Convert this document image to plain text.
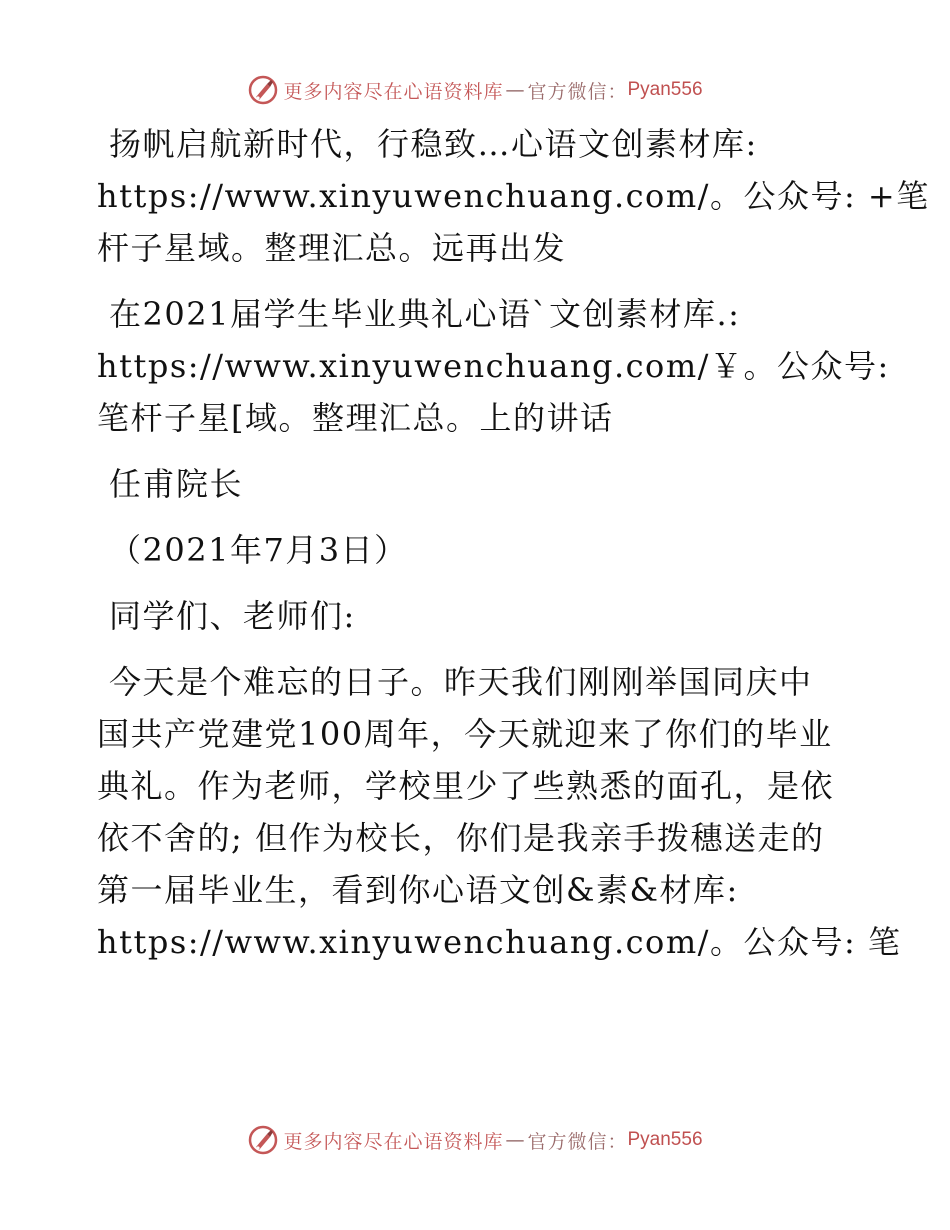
更多内容尽在心语资料库 — 官方微信： Pyan556
扬帆启航新时代，行稳致…心语文创素材库:
https://www.xinyuwenchuang.com/。公众号: +笔
杆子星域。整理汇总。远再出发
在2021届学生毕业典礼心语`文创素材库.:
https://www.xinyuwenchuang.com/￥。公众号:
笔杆子星[域。整理汇总。上的讲话
任甫院长
（2021年7月3日）
同学们、老师们:
今天是个难忘的日子。昨天我们刚刚举国同庆中
国共产党建党100周年，今天就迎来了你们的毕业
典礼。作为老师，学校里少了些熟悉的面孔，是依
依不舍的; 但作为校长，你们是我亲手拨穗送走的
第一届毕业生，看到你心语文创&素&材库:
https://www.xinyuwenchuang.com/。公众号: 笔
更多内容尽在心语资料库 — 官方微信： Pyan556
